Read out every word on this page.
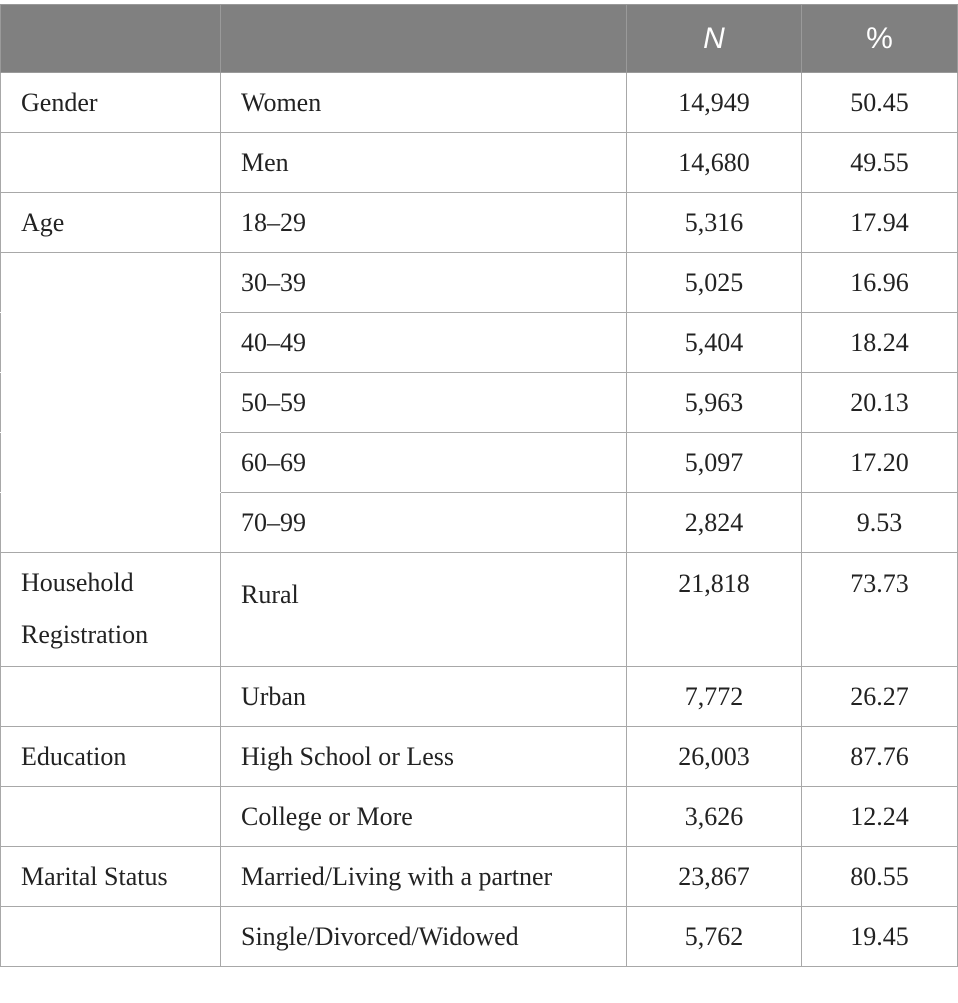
		N	%
Gender	Women	14,949	50.45
	Men	14,680	49.55
Age	18–29	5,316	17.94
	30–39	5,025	16.96
	40–49	5,404	18.24
	50–59	5,963	20.13
	60–69	5,097	17.20
	70–99	2,824	9.53
Household Registration	Rural	21,818	73.73
	Urban	7,772	26.27
Education	High School or Less	26,003	87.76
	College or More	3,626	12.24
Marital Status	Married/Living with a partner	23,867	80.55
	Single/Divorced/Widowed	5,762	19.45
